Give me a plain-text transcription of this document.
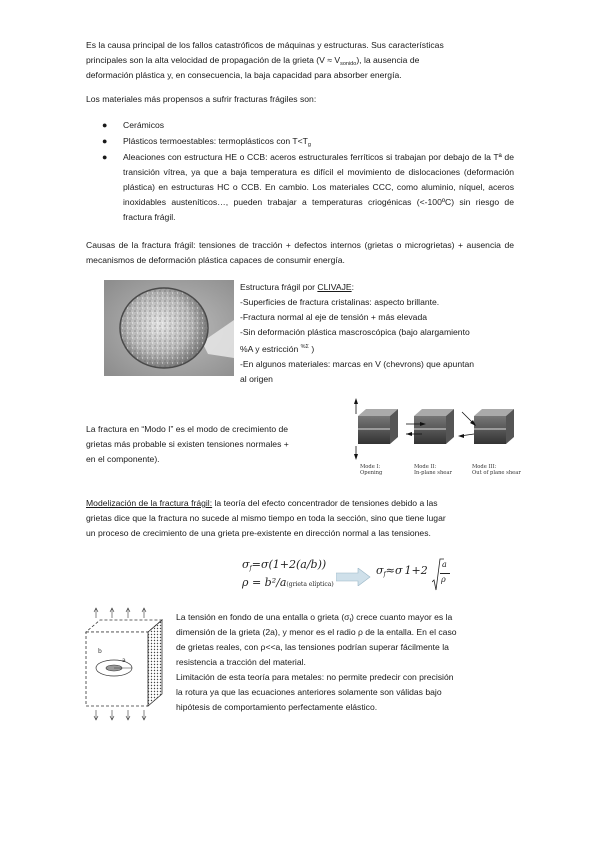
Es la causa principal de los fallos catastróficos de máquinas y estructuras. Sus características
principales son la alta velocidad de propagación de la grieta $(V \approx V_{sonido})$, la ausencia de
deformación plástica y, en consecuencia, la baja capacidad para absorber energía.
Los materiales más propensos a sufrir fracturas frágiles son:
● Cerámicos
● Plásticos termoestables: termoplásticos con $T<T_g$
● Aleaciones con estructura HE o CCB: aceros estructurales ferríticos si trabajan por debajo de la Tª de transición vítrea, ya que a baja temperatura es difícil el movimiento de dislocaciones (deformación plástica) en estructuras HC o CCB. En cambio. Los materiales CCC, como aluminio, níquel, aceros inoxidables austeníticos…, pueden trabajar a temperaturas criogénicas (<-100ºC) sin riesgo de fractura frágil.
Causas de la fractura frágil: tensiones de tracción + defectos internos (grietas o microgrietas) + ausencia de mecanismos de deformación plástica capaces de consumir energía.
Estructura frágil por CLIVAJE:
-Superficies de fractura cristalinas: aspecto brillante.
-Fractura normal al eje de tensión + más elevada
-Sin deformación plástica mascroscópica (bajo alargamiento
%A y estricción $^{\%\Sigma}$ )
-En algunos materiales: marcas en V (chevrons) que apuntan
al origen
La fractura en “Modo I” es el modo de crecimiento de
grietas más probable si existen tensiones normales +
en el componente).
Mode I:
Opening
Mode II:
In-plane shear
Mode III:
Out of plane shear
Modelización de la fractura frágil: la teoría del efecto concentrador de tensiones debido a las
grietas dice que la fractura no sucede al mismo tiempo en toda la sección, sino que tiene lugar
un proceso de crecimiento de una grieta pre-existente en dirección normal a las tensiones.
$\sigma_f=\sigma(1+2(a/b))$
ρ = b²/a(grieta elíptica)
$\sigma_f\approx\sigma$ 1+2 a
ρ
b
a
La tensión en fondo de una entalla o grieta $(\sigma_f)$ crece cuanto mayor es la
dimensión de la grieta (2a), y menor es el radio ρ de la entalla. En el caso
de grietas reales, con ρ<<a, las tensiones podrían superar fácilmente la
resistencia a tracción del material.
Limitación de esta teoría para metales: no permite predecir con precisión
la rotura ya que las ecuaciones anteriores solamente son válidas bajo
hipótesis de comportamiento perfectamente elástico.
